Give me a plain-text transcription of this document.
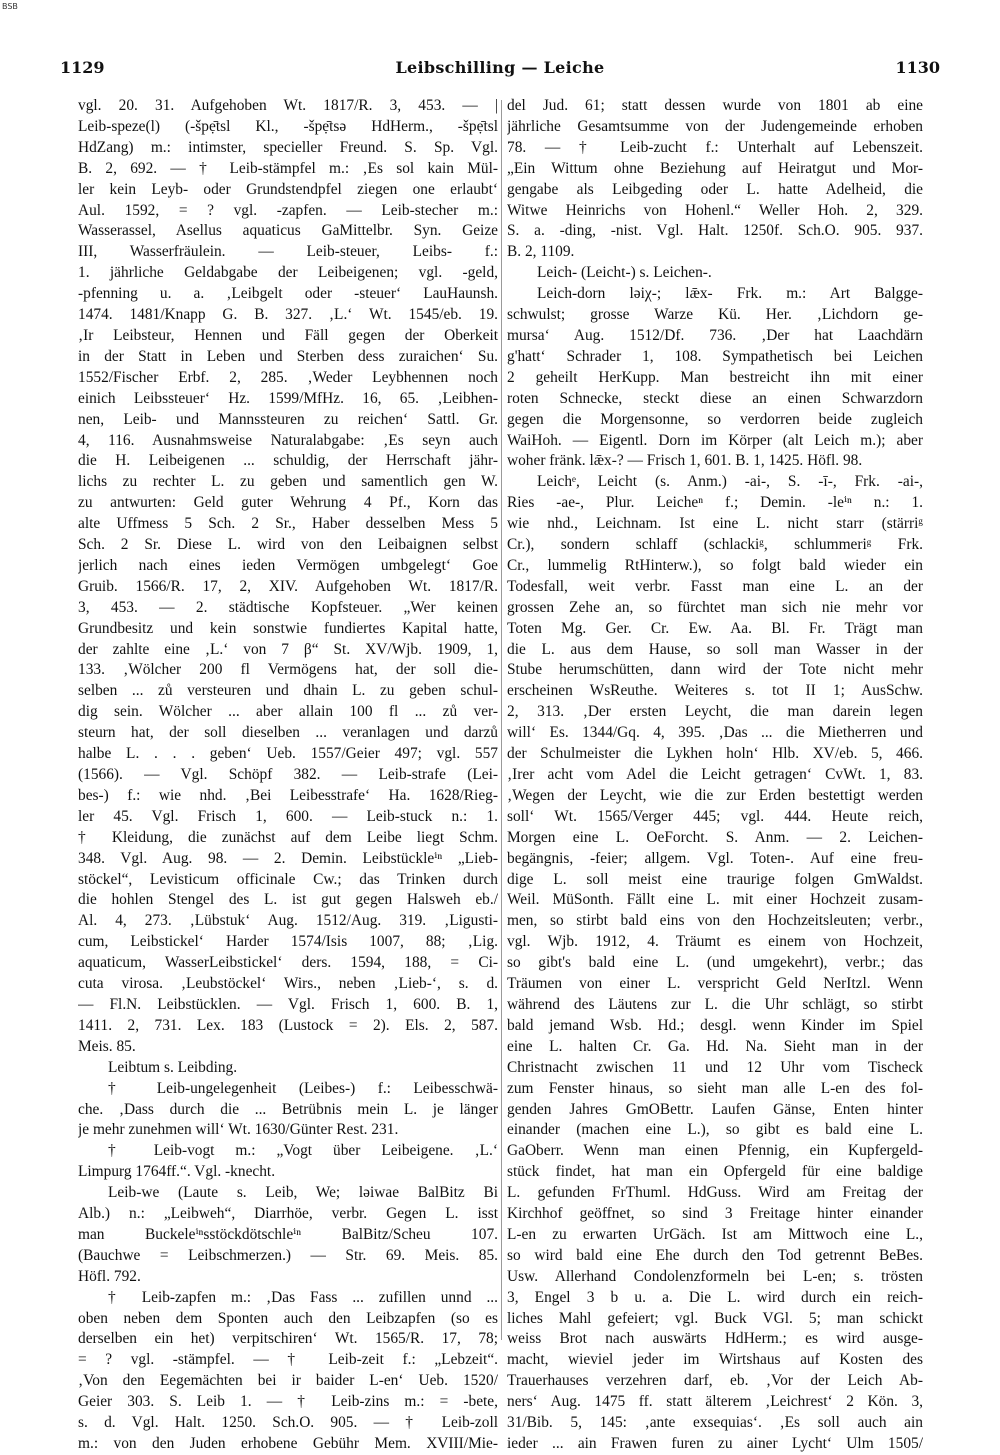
BSB
1129	Leibschilling — Leiche	1130
vgl. 20. 31. Aufgehoben Wt. 1817/R. 3, 453. — |
Leib-speze(l) (-špẹ̄tsl Kl., -špẹ̄tsə HdHerm., -špẹ̄tsl
HdZang) m.: intimster, specieller Freund. S. Sp. Vgl.
B. 2, 692. — † Leib-stämpfel m.: ‚Es sol kain Mül-
ler kein Leyb- oder Grundstendpfel ziegen one erlaubt‘
Aul. 1592, = ? vgl. -zapfen. — Leib-stecher m.:
Wasserassel, Asellus aquaticus GaMittelbr. Syn. Geize
III, Wasserfräulein. — Leib-steuer, Leibs- f.:
1. jährliche Geldabgabe der Leibeigenen; vgl. -geld,
-pfenning u. a. ‚Leibgelt oder -steuer‘ LauHaunsh.
1474. 1481/Knapp G. B. 327. ‚L.‘ Wt. 1545/eb. 19.
‚Ir Leibsteur, Hennen und Fäll gegen der Oberkeit
in der Statt in Leben und Sterben dess zuraichen‘ Su.
1552/Fischer Erbf. 2, 285. ‚Weder Leybhennen noch
einich Leibssteuer‘ Hz. 1599/MfHz. 16, 65. ‚Leibhen-
nen, Leib- und Mannssteuren zu reichen‘ Sattl. Gr.
4, 116. Ausnahmsweise Naturalabgabe: ‚Es seyn auch
die H. Leibeigenen ... schuldig, der Herrschaft jähr-
lichs zu rechter L. zu geben und samentlich gen W.
zu antwurten: Geld guter Wehrung 4 Pf., Korn das
alte Uffmess 5 Sch. 2 Sr., Haber desselben Mess 5
Sch. 2 Sr. Diese L. wird von den Leibaignen selbst
jerlich nach eines ieden Vermögen umbgelegt‘ Goe
Gruib. 1566/R. 17, 2, XIV. Aufgehoben Wt. 1817/R.
3, 453. — 2. städtische Kopfsteuer. „Wer keinen
Grundbesitz und kein sonstwie fundiertes Kapital hatte,
der zahlte eine ‚L.‘ von 7 β“ St. XV/Wjb. 1909, 1,
133. ‚Wölcher 200 fl Vermögens hat, der soll die-
selben ... zů versteuren und dhain L. zu geben schul-
dig sein. Wölcher ... aber allain 100 fl ... zů ver-
steurn hat, der soll dieselben ... veranlagen und darzů
halbe L. . . . geben‘ Ueb. 1557/Geier 497; vgl. 557
(1566). — Vgl. Schöpf 382. — Leib-strafe (Lei-
bes-) f.: wie nhd. ‚Bei Leibesstrafe‘ Ha. 1628/Rieg-
ler 45. Vgl. Frisch 1, 600. — Leib-stuck n.: 1.
† Kleidung, die zunächst auf dem Leibe liegt Schm.
348. Vgl. Aug. 98. — 2. Demin. Leibstückleⁱⁿ „Lieb-
stöckel“, Levisticum officinale Cw.; das Trinken durch
die hohlen Stengel des L. ist gut gegen Halsweh eb./
Al. 4, 273. ‚Lübstuk‘ Aug. 1512/Aug. 319. ‚Ligusti-
cum, Leibstickel‘ Harder 1574/Isis 1007, 88; ‚Lig.
aquaticum, WasserLeibstickel‘ ders. 1594, 188, = Ci-
cuta virosa. ‚Leubstöckel‘ Wirs., neben ‚Lieb-‘, s. d.
— Fl.N. Leibstücklen. — Vgl. Frisch 1, 600. B. 1,
1411. 2, 731. Lex. 183 (Lustock = 2). Els. 2, 587.
Meis. 85.
Leibtum s. Leibding.
† Leib-ungelegenheit (Leibes-) f.: Leibesschwä-
che. ‚Dass durch die ... Betrübnis mein L. je länger
je mehr zunehmen will‘ Wt. 1630/Günter Rest. 231.
† Leib-vogt m.: „Vogt über Leibeigene. ‚L.‘
Limpurg 1764ff.“. Vgl. -knecht.
Leib-we (Laute s. Leib, We; ləiwae BalBitz Bi
Alb.) n.: „Leibweh“, Diarrhöe, verbr. Gegen L. isst
man Buckeleⁱⁿsstöckdötschleⁱⁿ BalBitz/Scheu 107.
(Bauchwe = Leibschmerzen.) — Str. 69. Meis. 85.
Höfl. 792.
† Leib-zapfen m.: ‚Das Fass ... zufillen unnd ...
oben neben dem Sponten auch den Leibzapfen (so es
derselben ein het) verpitschiren‘ Wt. 1565/R. 17, 78;
= ? vgl. -stämpfel. — † Leib-zeit f.: „Lebzeit“.
‚Von den Eegemächten bei ir baider L-en‘ Ueb. 1520/
Geier 303. S. Leib 1. — † Leib-zins m.: = -bete,
s. d. Vgl. Halt. 1250. Sch.O. 905. — † Leib-zoll
m.: von den Juden erhobene Gebühr Mem. XVIII/Mie-
del Jud. 61; statt dessen wurde von 1801 ab eine
jährliche Gesamtsumme von der Judengemeinde erhoben
78. — † Leib-zucht f.: Unterhalt auf Lebenszeit.
„Ein Wittum ohne Beziehung auf Heiratgut und Mor-
gengabe als Leibgeding oder L. hatte Adelheid, die
Witwe Heinrichs von Hohenl.“ Weller Hoh. 2, 329.
S. a. -ding, -nist. Vgl. Halt. 1250f. Sch.O. 905. 937.
B. 2, 1109.
Leich- (Leicht-) s. Leichen-.
Leich-dorn ləiχ-; lǣx- Frk. m.: Art Balgge-
schwulst; grosse Warze Kü. Her. ‚Lichdorn ge-
mursa‘ Aug. 1512/Df. 736. ‚Der hat Laachdärn
g'hatt‘ Schrader 1, 108. Sympathetisch bei Leichen
2 geheilt HerKupp. Man bestreicht ihn mit einer
roten Schnecke, steckt diese an einen Schwarzdorn
gegen die Morgensonne, so verdorren beide zugleich
WaiHoh. — Eigentl. Dorn im Körper (alt Leich m.); aber
woher fränk. lǣx-? — Frisch 1, 601. B. 1, 1425. Höfl. 98.
Leichᵉ, Leicht (s. Anm.) -ai-, S. -ī-, Frk. -ai-,
Ries -ae-, Plur. Leicheⁿ f.; Demin. -leⁱⁿ n.: 1.
wie nhd., Leichnam. Ist eine L. nicht starr (stärriᵍ
Cr.), sondern schlaff (schlackiᵍ, schlummeriᵍ Frk.
Cr., lummelig RtHinterw.), so folgt bald wieder ein
Todesfall, weit verbr. Fasst man eine L. an der
grossen Zehe an, so fürchtet man sich nie mehr vor
Toten Mg. Ger. Cr. Ew. Aa. Bl. Fr. Trägt man
die L. aus dem Hause, so soll man Wasser in der
Stube herumschütten, dann wird der Tote nicht mehr
erscheinen WsReuthe. Weiteres s. tot II 1; AusSchw.
2, 313. ‚Der ersten Leycht, die man darein legen
will‘ Es. 1344/Gq. 4, 395. ‚Das ... die Mietherren und
der Schulmeister die Lykhen holn‘ Hlb. XV/eb. 5, 466.
‚Irer acht vom Adel die Leicht getragen‘ CvWt. 1, 83.
‚Wegen der Leycht, wie die zur Erden bestettigt werden
soll‘ Wt. 1565/Verger 445; vgl. 444. Heute reich,
Morgen eine L. OeForcht. S. Anm. — 2. Leichen-
begängnis, -feier; allgem. Vgl. Toten-. Auf eine freu-
dige L. soll meist eine traurige folgen GmWaldst.
Weil. MüSonth. Fällt eine L. mit einer Hochzeit zusam-
men, so stirbt bald eins von den Hochzeitsleuten; verbr.,
vgl. Wjb. 1912, 4. Träumt es einem von Hochzeit,
so gibt's bald eine L. (und umgekehrt), verbr.; das
Träumen von einer L. verspricht Geld NerItzl. Wenn
während des Läutens zur L. die Uhr schlägt, so stirbt
bald jemand Wsb. Hd.; desgl. wenn Kinder im Spiel
eine L. halten Cr. Ga. Hd. Na. Sieht man in der
Christnacht zwischen 11 und 12 Uhr vom Tischeck
zum Fenster hinaus, so sieht man alle L-en des fol-
genden Jahres GmOBettr. Laufen Gänse, Enten hinter
einander (machen eine L.), so gibt es bald eine L.
GaOberr. Wenn man einen Pfennig, ein Kupfergeld-
stück findet, hat man ein Opfergeld für eine baldige
L. gefunden FrThuml. HdGuss. Wird am Freitag der
Kirchhof geöffnet, so sind 3 Freitage hinter einander
L-en zu erwarten UrGäch. Ist am Mittwoch eine L.,
so wird bald eine Ehe durch den Tod getrennt BeBes.
Usw. Allerhand Condolenzformeln bei L-en; s. trösten
3, Engel 3 b u. a. Die L. wird durch ein reich-
liches Mahl gefeiert; vgl. Buck VGl. 5; man schickt
weiss Brot nach auswärts HdHerm.; es wird ausge-
macht, wieviel jeder im Wirtshaus auf Kosten des
Trauerhauses verzehren darf, eb. ‚Vor der Leich Ab-
ners‘ Aug. 1475 ff. statt älterem ‚Leichrest‘ 2 Kön. 3,
31/Bib. 5, 145: ‚ante exsequias‘. ‚Es soll auch ain
ieder ... ain Frawen furen zu ainer Lycht‘ Ulm 1505/
